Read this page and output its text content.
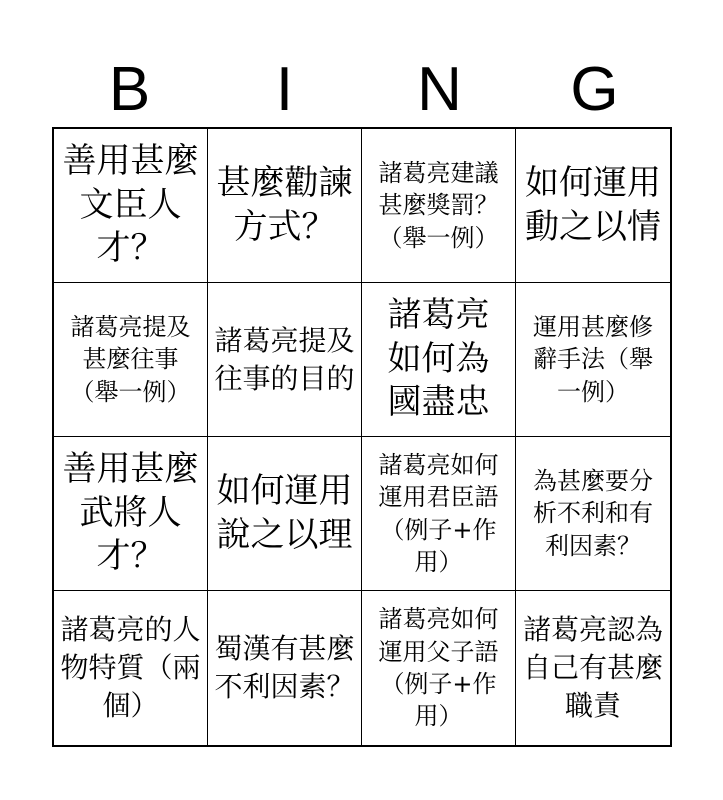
B	I	N	G
善用甚麼文臣人才？
甚麼勸諫方式？
諸葛亮建議甚麼獎罰？（舉一例）
如何運用動之以情
諸葛亮提及甚麼往事（舉一例）
諸葛亮提及往事的目的
諸葛亮如何為國盡忠
運用甚麼修辭手法（舉一例）
善用甚麼武將人才？
如何運用說之以理
諸葛亮如何運用君臣語（例子+作用）
為甚麼要分析不利和有利因素？
諸葛亮的人物特質（兩個）
蜀漢有甚麼不利因素？
諸葛亮如何運用父子語（例子+作用）
諸葛亮認為自己有甚麼職責
